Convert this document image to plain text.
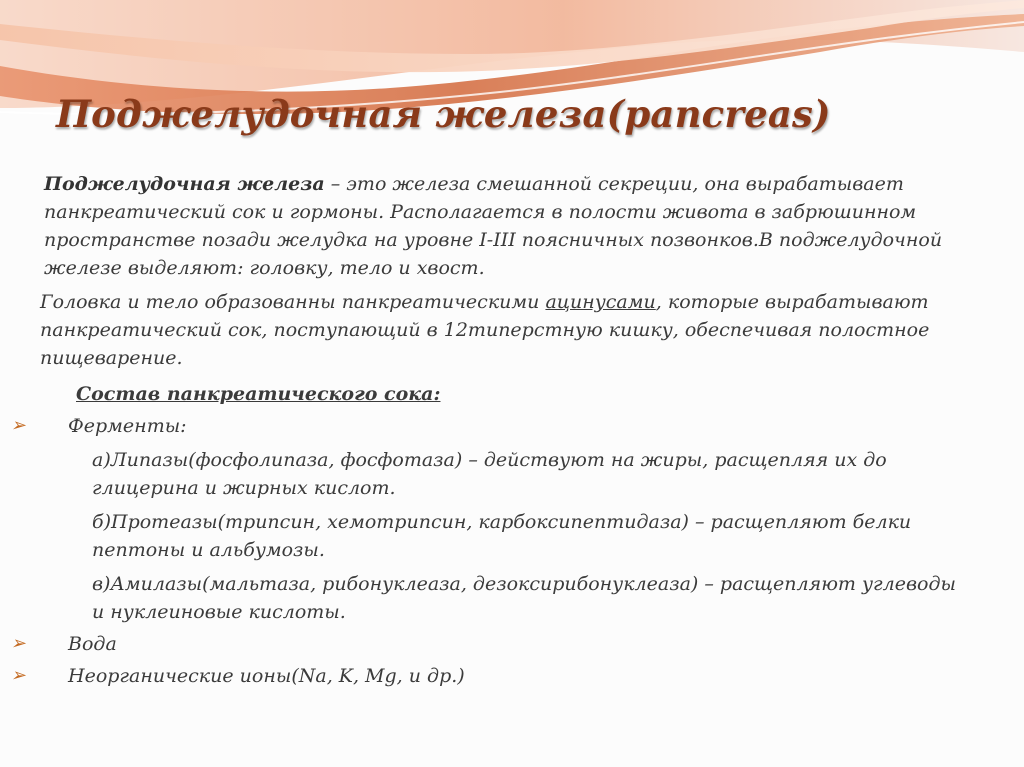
Поджелудочная железа(pancreas)

Поджелудочная железа – это железа смешанной секреции, она вырабатывает панкреатический сок и гормоны. Располагается в полости живота в забрюшинном пространстве позади желудка на уровне I-III поясничных позвонков.В поджелудочной железе выделяют: головку, тело и хвост.

Головка и тело образованны панкреатическими ацинусами, которые вырабатывают панкреатический сок, поступающий в 12типерстную кишку, обеспечивая полостное пищеварение.

Состав панкреатического сока:
➢ Ферменты:
а)Липазы(фосфолипаза, фосфотаза) – действуют на жиры, расщепляя их до глицерина и жирных кислот.
б)Протеазы(трипсин, хемотрипсин, карбоксипептидаза) – расщепляют белки пептоны и альбумозы.
в)Амилазы(мальтаза, рибонуклеаза, дезоксирибонуклеаза) – расщепляют углеводы и нуклеиновые кислоты.
➢ Вода
➢ Неорганические ионы(Na, K, Mg, и др.)
